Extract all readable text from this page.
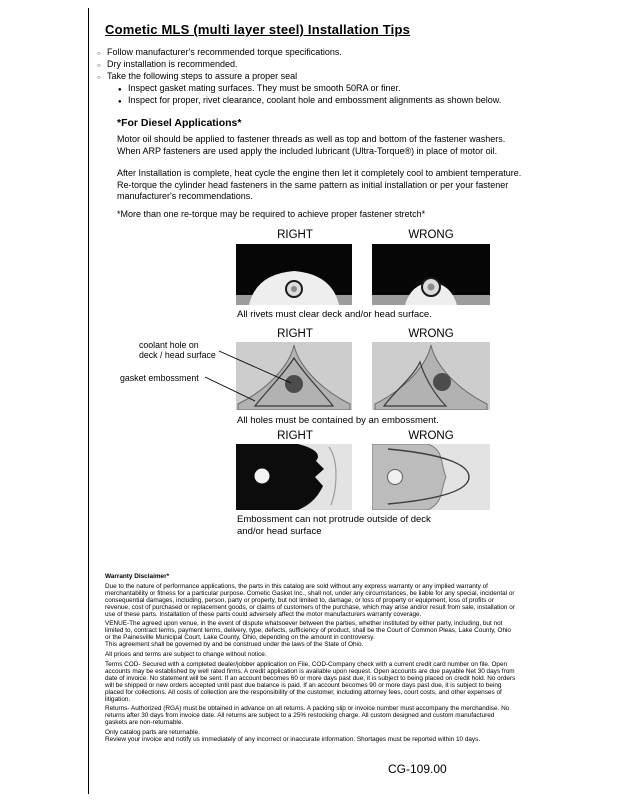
Cometic MLS (multi layer steel) Installation Tips
○ Follow manufacturer's recommended torque specifications.
○ Dry installation is recommended.
○ Take the following steps to assure a proper seal
● Inspect gasket mating surfaces. They must be smooth 50RA or finer.
● Inspect for proper, rivet clearance, coolant hole and embossment alignments as shown below.
*For Diesel Applications*
Motor oil should be applied to fastener threads as well as top and bottom of the fastener washers. When ARP fasteners are used apply the included lubricant (Ultra-Torque®) in place of motor oil.
After Installation is complete, heat cycle the engine then let it completely cool to ambient temperature. Re-torque the cylinder head fasteners in the same pattern as initial installation or per your fastener manufacturer's recommendations.
*More than one re-torque may be required to achieve proper fastener stretch*
RIGHT	WRONG
All rivets must clear deck and/or head surface.
RIGHT	WRONG
coolant hole on deck / head surface
gasket embossment
All holes must be contained by an embossment.
RIGHT	WRONG
Embossment can not protrude outside of deck and/or head surface
Warranty Disclaimer*

Due to the nature of performance applications, the parts in this catalog are sold without any express warranty or any implied warranty of merchantability or fitness for a particular purpose. Cometic Gasket Inc., shall not, under any circumstances, be liable for any special, incidental or consequential damages, including, person, party or property, but not limited to, damage, or loss of property or equipment, loss of profits or revenue, cost of purchased or replacement goods, or claims of customers of the purchase, which may arise and/or result from sale, installation or use of these parts. Installation of these parts could adversely affect the motor manufacturers warranty coverage.

VENUE-The agreed upon venue, in the event of dispute whatsoever between the parties, whether instituted by either party, including, but not limited to, contract terms, payment terms, delivery, type, defects, sufficiency of product, shall be the Court of Common Pleas, Lake County, Ohio or the Painesville Municipal Court, Lake County, Ohio, depending on the amount in controversy.

This agreement shall be governed by and be construed under the laws of the State of Ohio.

All prices and terms are subject to change without notice.

Terms COD- Secured with a completed dealer/jobber application on File, COD-Company check with a current credit card number on file. Open accounts may be established by well rated firms. A credit application is available upon request. Open accounts are due payable Net 30 days from date of invoice. No statement will be sent. If an account becomes 60 or more days past due, it is subject to being placed on credit hold. No orders will be shipped or new orders accepted until past due balance is paid. If an account becomes 90 or more days past due, it is subject to being placed for collections. All costs of collection are the responsibility of the customer, including attorney fees, court costs, and other expenses of litigation.

Returns- Authorized (RGA) must be obtained in advance on all returns. A packing slip or invoice number must accompany the merchandise. No returns after 30 days from invoice date. All returns are subject to a 25% restocking charge. All custom designed and custom manufactured gaskets are non-returnable.

Only catalog parts are returnable.

Review your invoice and notify us immediately of any incorrect or inaccurate information. Shortages must be reported within 10 days.

CG-109.00
